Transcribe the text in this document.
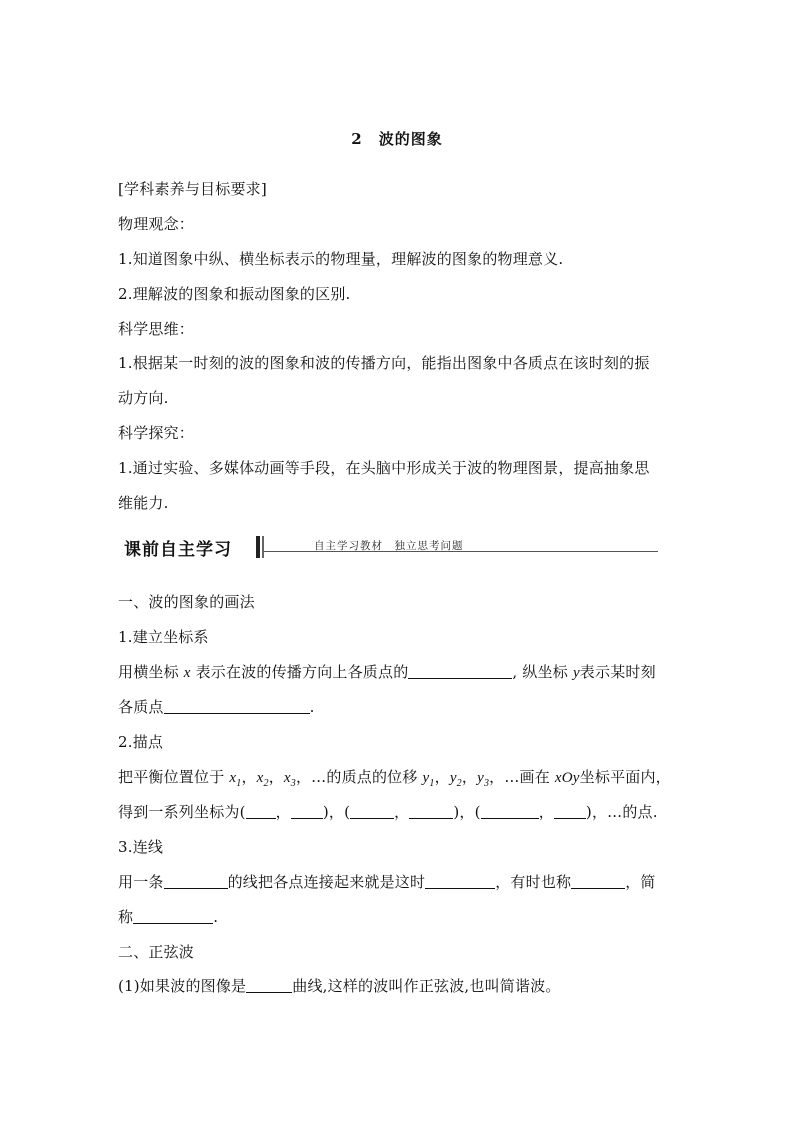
2　波的图象
[学科素养与目标要求]
物理观念：
1.知道图象中纵、横坐标表示的物理量，理解波的图象的物理意义.
2.理解波的图象和振动图象的区别.
科学思维：
1.根据某一时刻的波的图象和波的传播方向，能指出图象中各质点在该时刻的振
动方向.
科学探究：
1.通过实验、多媒体动画等手段，在头脑中形成关于波的物理图景，提高抽象思
维能力.
课前自主学习	自主学习教材　独立思考问题
一、波的图象的画法
1.建立坐标系
用横坐标 x 表示在波的传播方向上各质点的	, 纵坐标 y表示某时刻
各质点	.
2.描点
把平衡位置位于 $x_1$，$x_2$，$x_3$，…的质点的位移 $y_1$，$y_2$，$y_3$，…画在 xOy坐标平面内，
得到一系列坐标为( ， )，(	，	)，(	， )，…的点.
3.连线
用一条	的线把各点连接起来就是这时	，有时也称	，简
称	.
二、正弦波
(1)如果波的图像是	曲线,这样的波叫作正弦波,也叫简谐波。
